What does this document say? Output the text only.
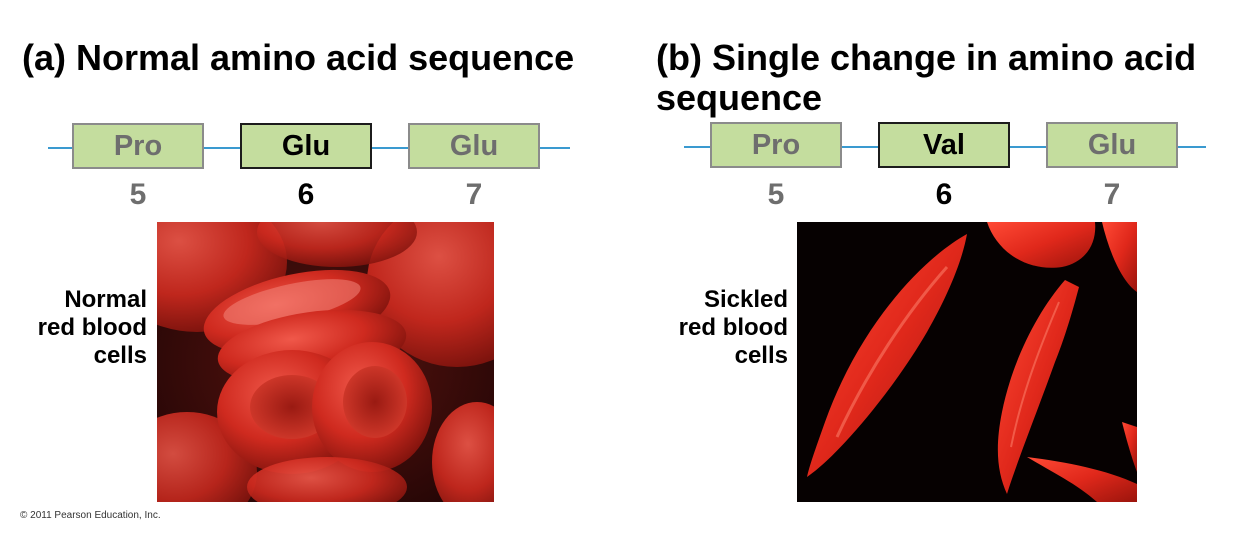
(a) Normal amino acid sequence
Pro	Glu	Glu
5	6	7

Normal
red blood
cells

(b) Single change in amino acid sequence
Pro	Val	Glu
5	6	7

Sickled
red blood
cells

© 2011 Pearson Education, Inc.
